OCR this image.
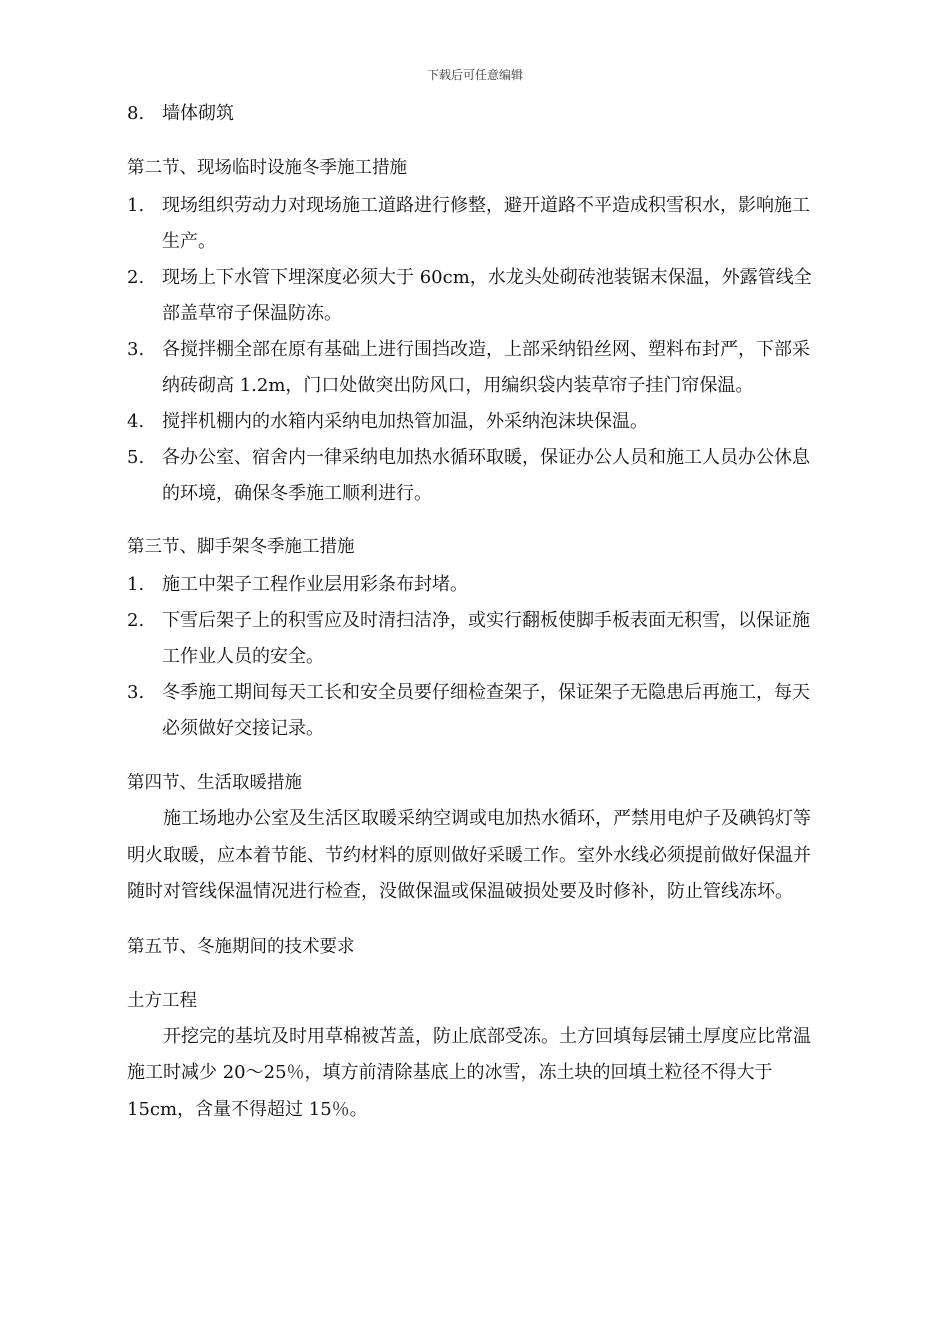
下载后可任意编辑
8. 墙体砌筑
第二节、现场临时设施冬季施工措施
1. 现场组织劳动力对现场施工道路进行修整，避开道路不平造成积雪积水，影响施工生产。
2. 现场上下水管下埋深度必须大于 60cm，水龙头处砌砖池装锯末保温，外露管线全部盖草帘子保温防冻。
3. 各搅拌棚全部在原有基础上进行围挡改造，上部采纳铅丝网、塑料布封严，下部采纳砖砌高 1.2m，门口处做突出防风口，用编织袋内装草帘子挂门帘保温。
4. 搅拌机棚内的水箱内采纳电加热管加温，外采纳泡沫块保温。
5. 各办公室、宿舍内一律采纳电加热水循环取暖，保证办公人员和施工人员办公休息的环境，确保冬季施工顺利进行。
第三节、脚手架冬季施工措施
1. 施工中架子工程作业层用彩条布封堵。
2. 下雪后架子上的积雪应及时清扫洁净，或实行翻板使脚手板表面无积雪，以保证施工作业人员的安全。
3. 冬季施工期间每天工长和安全员要仔细检查架子，保证架子无隐患后再施工，每天必须做好交接记录。
第四节、生活取暖措施

施工场地办公室及生活区取暖采纳空调或电加热水循环，严禁用电炉子及碘钨灯等明火取暖，应本着节能、节约材料的原则做好采暖工作。室外水线必须提前做好保温并随时对管线保温情况进行检查，没做保温或保温破损处要及时修补，防止管线冻坏。

第五节、冬施期间的技术要求
土方工程

开挖完的基坑及时用草棉被苫盖，防止底部受冻。土方回填每层铺土厚度应比常温施工时减少 20～25％，填方前清除基底上的冰雪，冻土块的回填土粒径不得大于 15cm，含量不得超过 15％。
